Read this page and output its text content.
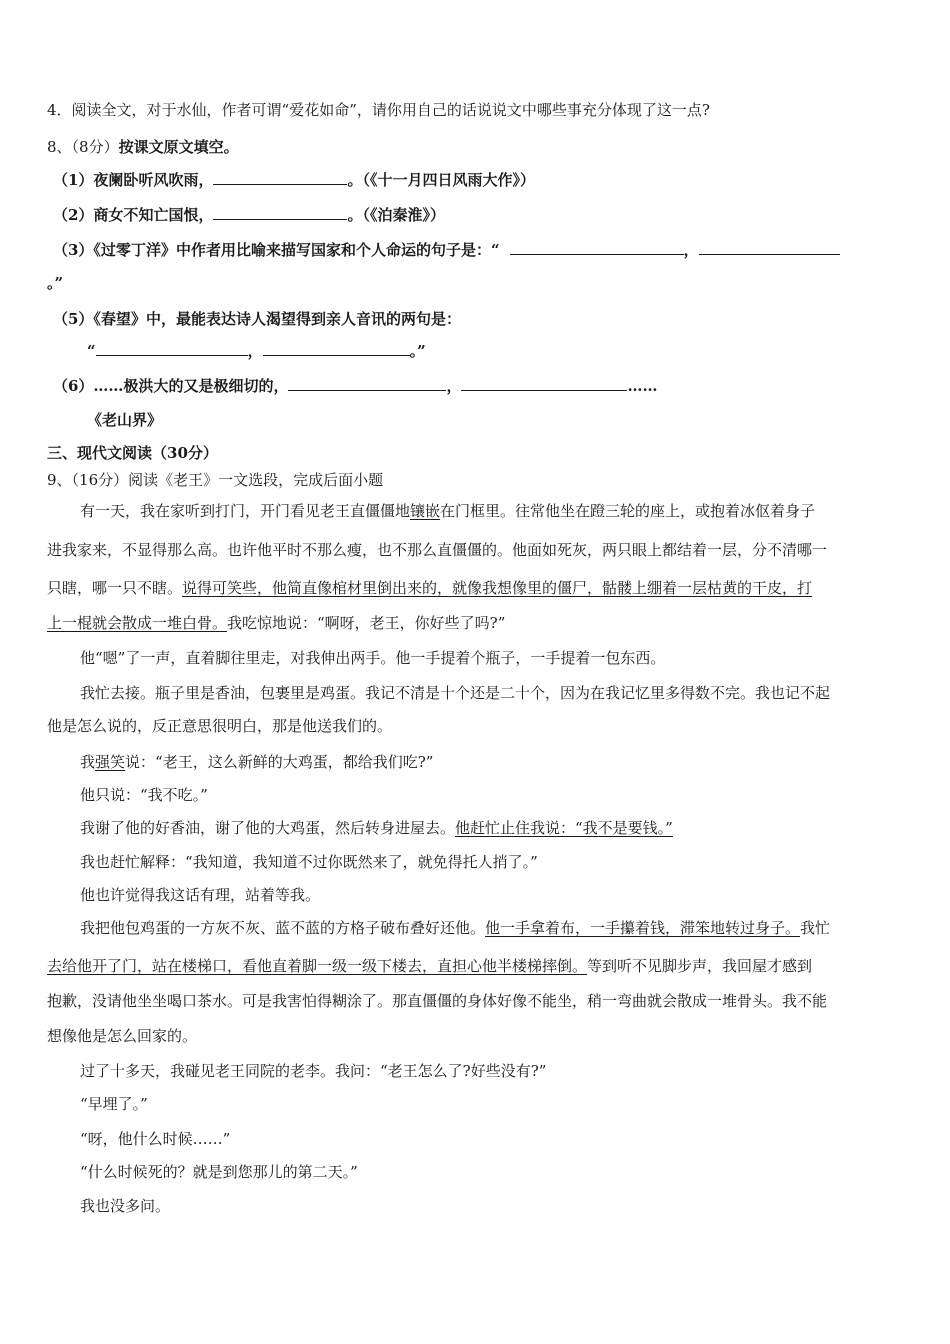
4．阅读全文，对于水仙，作者可谓“爱花如命”，请你用自己的话说说文中哪些事充分体现了这一点?
8、（8分）按课文原文填空。
（1）夜阑卧听风吹雨，	。（《十一月四日风雨大作》）
（2）商女不知亡国恨，	。（《泊秦淮》）
（3）《过零丁洋》中作者用比喻来描写国家和个人命运的句子是：“	，
。”
（5）《春望》中，最能表达诗人渴望得到亲人音讯的两句是：
“	，	。”
（6）……极洪大的又是极细切的，	，	……
《老山界》
三、现代文阅读（30分）
9、（16分）阅读《老王》一文选段，完成后面小题
有一天，我在家听到打门，开门看见老王直僵僵地镶嵌在门框里。往常他坐在蹬三轮的座上，或抱着冰伛着身子
进我家来，不显得那么高。也许他平时不那么瘦，也不那么直僵僵的。他面如死灰，两只眼上都结着一层，分不清哪一
只瞎，哪一只不瞎。说得可笑些，他简直像棺材里倒出来的，就像我想像里的僵尸，骷髅上绷着一层枯黄的干皮，打
上一棍就会散成一堆白骨。我吃惊地说：“啊呀，老王，你好些了吗?”
他“嗯”了一声，直着脚往里走，对我伸出两手。他一手提着个瓶子，一手提着一包东西。
我忙去接。瓶子里是香油，包裹里是鸡蛋。我记不清是十个还是二十个，因为在我记忆里多得数不完。我也记不起
他是怎么说的，反正意思很明白，那是他送我们的。
我强笑说：“老王，这么新鲜的大鸡蛋，都给我们吃?”
他只说：“我不吃。”
我谢了他的好香油，谢了他的大鸡蛋，然后转身进屋去。他赶忙止住我说：“我不是要钱。”
我也赶忙解释：“我知道，我知道不过你既然来了，就免得托人捎了。”
他也许觉得我这话有理，站着等我。
我把他包鸡蛋的一方灰不灰、蓝不蓝的方格子破布叠好还他。他一手拿着布，一手攥着钱，滞笨地转过身子。我忙
去给他开了门，站在楼梯口，看他直着脚一级一级下楼去，直担心他半楼梯摔倒。等到听不见脚步声，我回屋才感到
抱歉，没请他坐坐喝口茶水。可是我害怕得糊涂了。那直僵僵的身体好像不能坐，稍一弯曲就会散成一堆骨头。我不能
想像他是怎么回家的。
过了十多天，我碰见老王同院的老李。我问：“老王怎么了?好些没有?”
“早埋了。”
“呀，他什么时候……”
“什么时候死的？就是到您那儿的第二天。”
我也没多问。
